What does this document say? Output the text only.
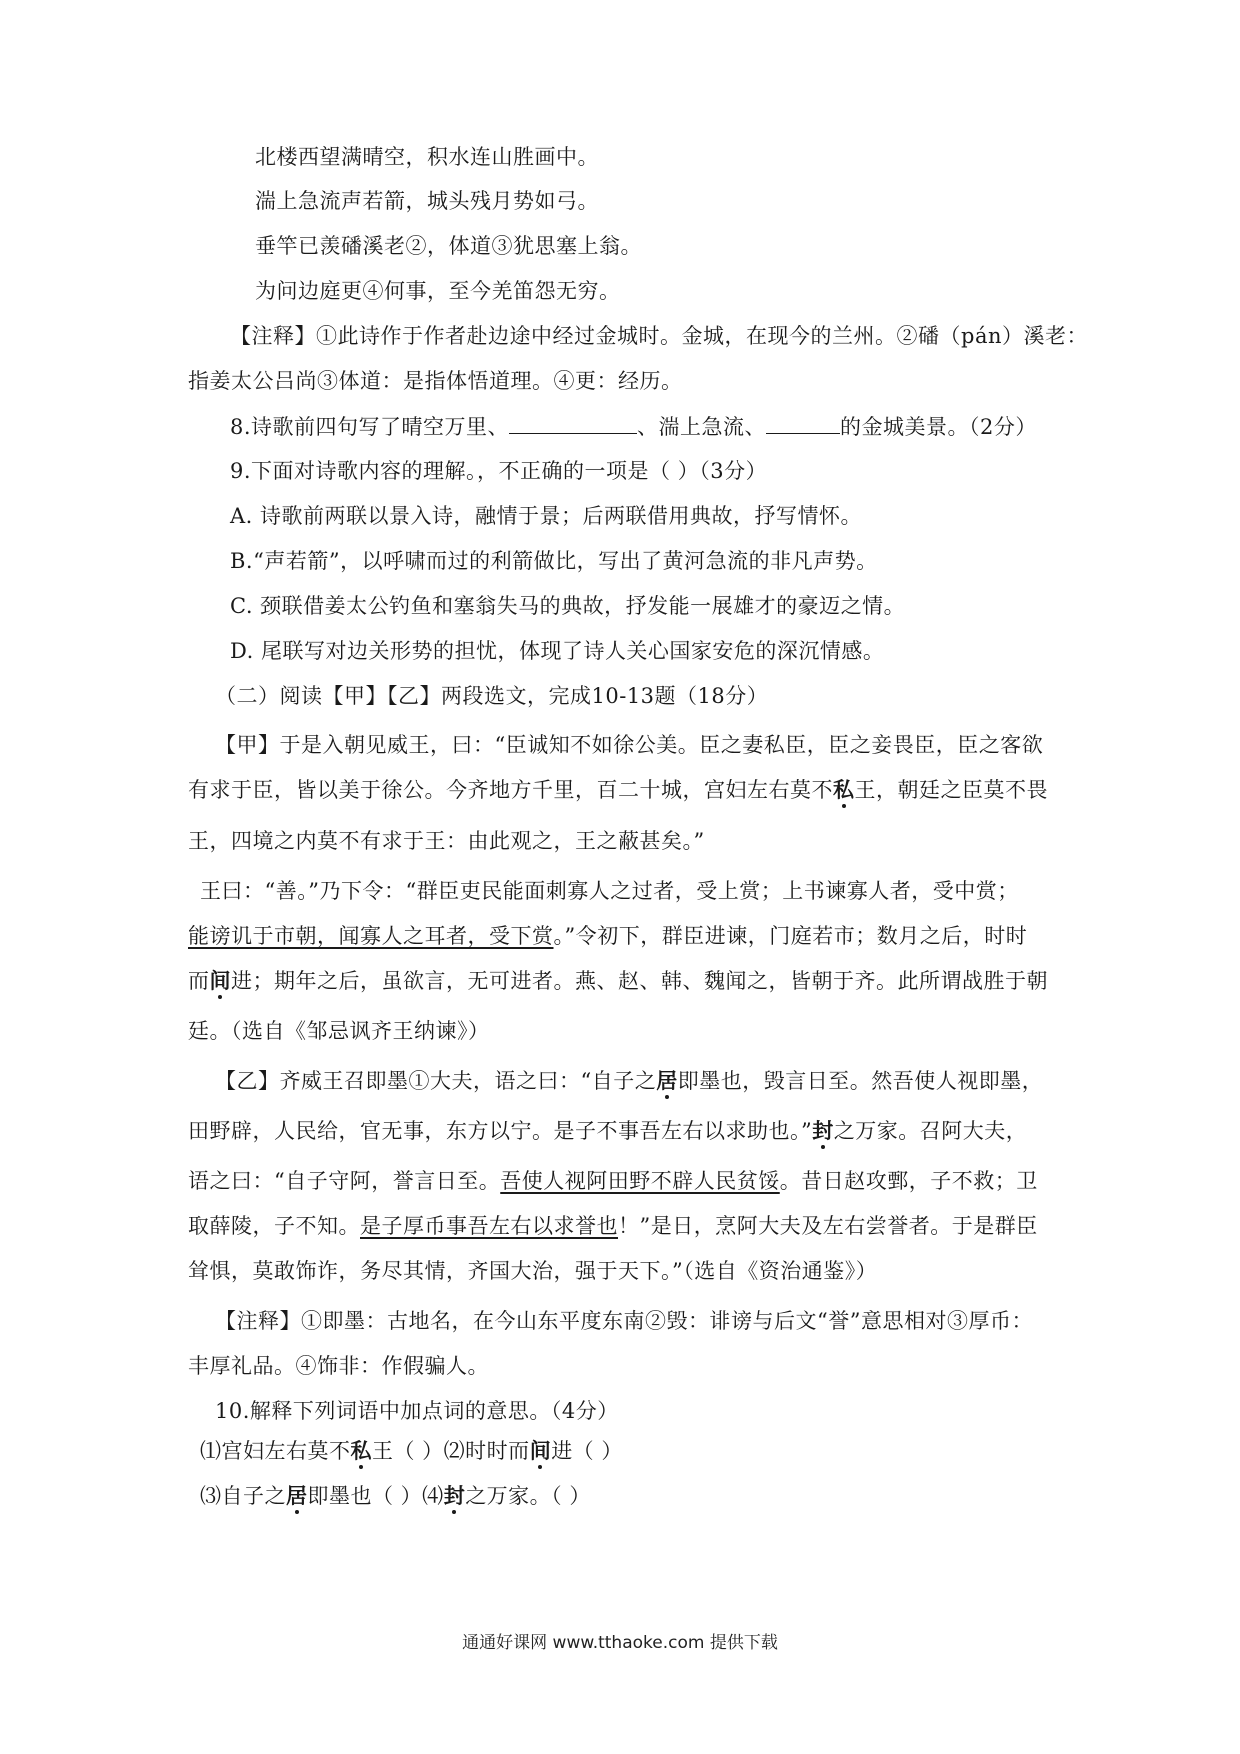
北楼西望满晴空，积水连山胜画中。
湍上急流声若箭，城头残月势如弓。
垂竿已羡磻溪老②，体道③犹思塞上翁。
为问边庭更④何事，至今羌笛怨无穷。
【注释】①此诗作于作者赴边途中经过金城时。金城，在现今的兰州。②磻（pán）溪老：
指姜太公吕尚③体道：是指体悟道理。④更：经历。
8.诗歌前四句写了晴空万里、	、湍上急流、	的金城美景。（2分）
9.下面对诗歌内容的理解。，不正确的一项是（ ）（3分）
A. 诗歌前两联以景入诗，融情于景；后两联借用典故，抒写情怀。
B.“声若箭”，以呼啸而过的利箭做比，写出了黄河急流的非凡声势。
C. 颈联借姜太公钓鱼和塞翁失马的典故，抒发能一展雄才的豪迈之情。
D. 尾联写对边关形势的担忧，体现了诗人关心国家安危的深沉情感。
（二）阅读【甲】【乙】两段选文，完成10-13题（18分）
【甲】于是入朝见威王，曰：“臣诚知不如徐公美。臣之妻私臣，臣之妾畏臣，臣之客欲
有求于臣，皆以美于徐公。今齐地方千里，百二十城，宫妇左右莫不私王，朝廷之臣莫不畏
王，四境之内莫不有求于王：由此观之，王之蔽甚矣。”
王曰：“善。”乃下令：“群臣吏民能面刺寡人之过者，受上赏；上书谏寡人者，受中赏；
能谤讥于市朝，闻寡人之耳者，受下赏。”令初下，群臣进谏，门庭若市；数月之后，时时
而间进；期年之后，虽欲言，无可进者。燕、赵、韩、魏闻之，皆朝于齐。此所谓战胜于朝
廷。（选自《邹忌讽齐王纳谏》）
【乙】齐威王召即墨①大夫，语之曰：“自子之居即墨也，毁言日至。然吾使人视即墨，
田野辟，人民给，官无事，东方以宁。是子不事吾左右以求助也。”封之万家。召阿大夫，
语之曰：“自子守阿，誉言日至。吾使人视阿田野不辟人民贫馁。昔日赵攻鄄，子不救；卫
取薛陵，子不知。是子厚币事吾左右以求誉也！”是日，烹阿大夫及左右尝誉者。于是群臣
耸惧，莫敢饰诈，务尽其情，齐国大治，强于天下。”（选自《资治通鉴》）
【注释】①即墨：古地名，在今山东平度东南②毁：诽谤与后文“誉”意思相对③厚币：
丰厚礼品。④饰非：作假骗人。
10.解释下列词语中加点词的意思。（4分）
⑴宫妇左右莫不私王（ ）⑵时时而间进（ ）
⑶自子之居即墨也（ ）⑷封之万家。（ ）
通通好课网 www.tthaoke.com 提供下载
